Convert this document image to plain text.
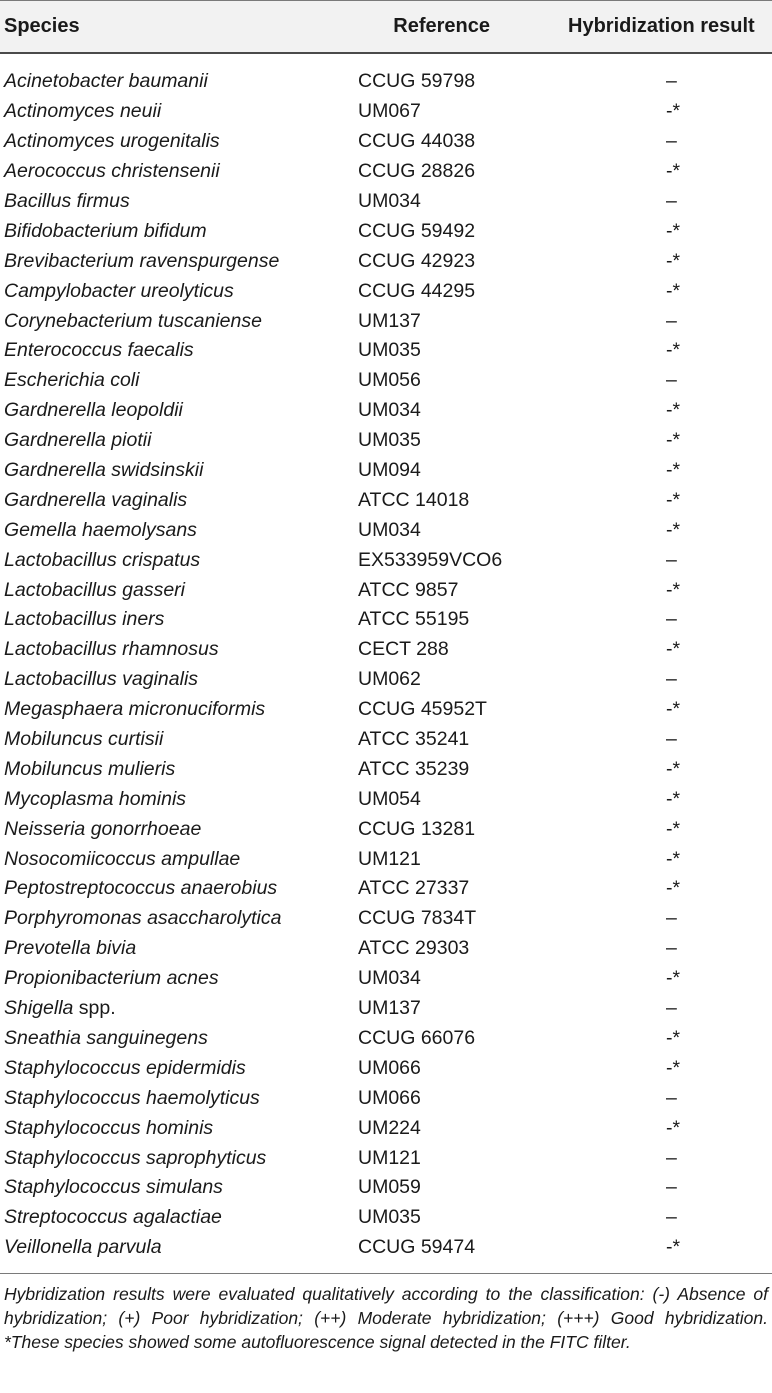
Species	Reference	Hybridization result
Acinetobacter baumanii	CCUG 59798	–
Actinomyces neuii	UM067	-*
Actinomyces urogenitalis	CCUG 44038	–
Aerococcus christensenii	CCUG 28826	-*
Bacillus firmus	UM034	–
Bifidobacterium bifidum	CCUG 59492	-*
Brevibacterium ravenspurgense	CCUG 42923	-*
Campylobacter ureolyticus	CCUG 44295	-*
Corynebacterium tuscaniense	UM137	–
Enterococcus faecalis	UM035	-*
Escherichia coli	UM056	–
Gardnerella leopoldii	UM034	-*
Gardnerella piotii	UM035	-*
Gardnerella swidsinskii	UM094	-*
Gardnerella vaginalis	ATCC 14018	-*
Gemella haemolysans	UM034	-*
Lactobacillus crispatus	EX533959VCO6	–
Lactobacillus gasseri	ATCC 9857	-*
Lactobacillus iners	ATCC 55195	–
Lactobacillus rhamnosus	CECT 288	-*
Lactobacillus vaginalis	UM062	–
Megasphaera micronuciformis	CCUG 45952T	-*
Mobiluncus curtisii	ATCC 35241	–
Mobiluncus mulieris	ATCC 35239	-*
Mycoplasma hominis	UM054	-*
Neisseria gonorrhoeae	CCUG 13281	-*
Nosocomiicoccus ampullae	UM121	-*
Peptostreptococcus anaerobius	ATCC 27337	-*
Porphyromonas asaccharolytica	CCUG 7834T	–
Prevotella bivia	ATCC 29303	–
Propionibacterium acnes	UM034	-*
Shigella spp.	UM137	–
Sneathia sanguinegens	CCUG 66076	-*
Staphylococcus epidermidis	UM066	-*
Staphylococcus haemolyticus	UM066	–
Staphylococcus hominis	UM224	-*
Staphylococcus saprophyticus	UM121	–
Staphylococcus simulans	UM059	–
Streptococcus agalactiae	UM035	–
Veillonella parvula	CCUG 59474	-*
Hybridization results were evaluated qualitatively according to the classification: (-) Absence of hybridization; (+) Poor hybridization; (++) Moderate hybridization; (+++) Good hybridization. *These species showed some autofluorescence signal detected in the FITC filter.
